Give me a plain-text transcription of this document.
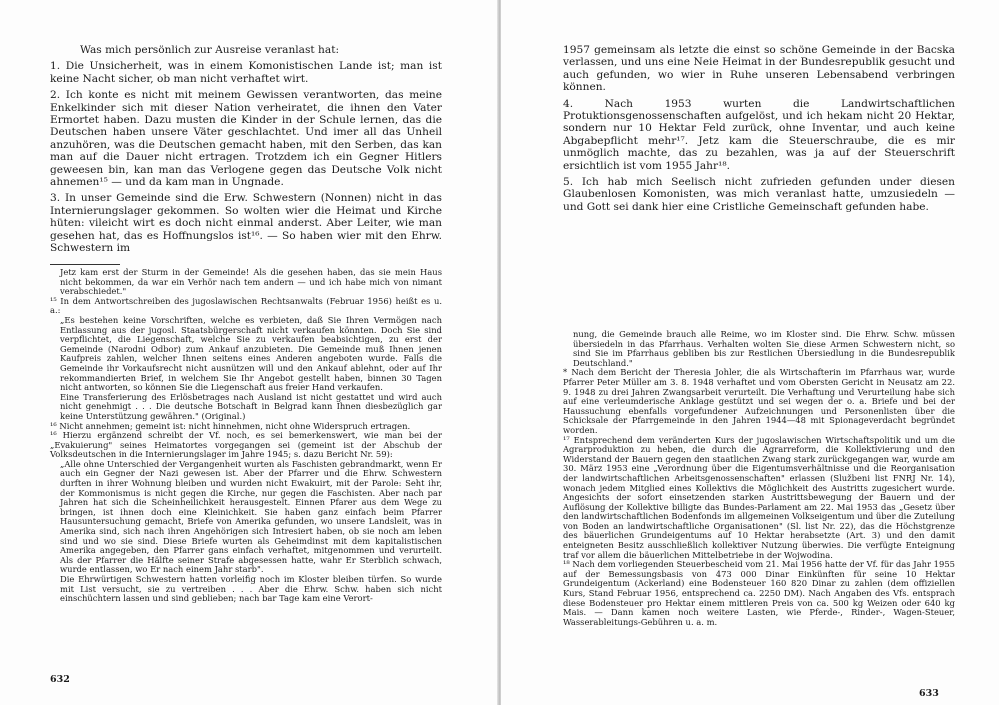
Was mich persönlich zur Ausreise veranlast hat:

1. Die Unsicherheit, was in einem Komonistischen Lande ist; man ist keine Nacht sicher, ob man nicht verhaftet wirt.

2. Ich konte es nicht mit meinem Gewissen verantworten, das meine Enkelkinder sich mit dieser Nation verheiratet, die ihnen den Vater Ermortet haben. Dazu musten die Kinder in der Schule lernen, das die Deutschen haben unsere Väter geschlachtet. Und imer all das Unheil anzuhören, was die Deutschen gemacht haben, mit den Serben, das kan man auf die Dauer nicht ertragen. Trotzdem ich ein Gegner Hitlers geweesen bin, kan man das Verlogene gegen das Deutsche Volk nicht ahnemen¹⁵ — und da kam man in Ungnade.

3. In unser Gemeinde sind die Erw. Schwestern (Nonnen) nicht in das Internierungslager gekommen. So wolten wier die Heimat und Kirche hüten: vileicht wirt es doch nicht einmal anderst. Aber Leiter, wie man gesehen hat, das es Hoffnungslos ist¹⁶. — So haben wier mit den Ehrw. Schwestern im

Jetz kam erst der Sturm in der Gemeinde! Als die gesehen haben, das sie mein Haus nicht bekommen, da war ein Verhör nach tem andern — und ich habe mich von nimant verabschiedet."

¹⁵ In dem Antwortschreiben des jugoslawischen Rechtsanwalts (Februar 1956) heißt es u. a.:

„Es bestehen keine Vorschriften, welche es verbieten, daß Sie Ihren Vermögen nach Entlassung aus der jugosl. Staatsbürgerschaft nicht verkaufen könnten. Doch Sie sind verpflichtet, die Liegenschaft, welche Sie zu verkaufen beabsichtigen, zu erst der Gemeinde (Narodni Odbor) zum Ankauf anzubieten. Die Gemeinde muß Ihnen jenen Kaufpreis zahlen, welcher Ihnen seitens eines Anderen angeboten wurde. Falls die Gemeinde ihr Vorkaufsrecht nicht ausnützen will und den Ankauf ablehnt, oder auf Ihr rekommandierten Brief, in welchem Sie Ihr Angebot gestellt haben, binnen 30 Tagen nicht antworten, so können Sie die Liegenschaft aus freier Hand verkaufen.

Eine Transferierung des Erlösbetrages nach Ausland ist nicht gestattet und wird auch nicht genehmigt . . . Die deutsche Botschaft in Belgrad kann Ihnen diesbezüglich gar keine Unterstützung gewähren." (Original.)

¹⁶ Nicht annehmen; gemeint ist: nicht hinnehmen, nicht ohne Widerspruch ertragen.

¹⁶ Hierzu ergänzend schreibt der Vf. noch, es sei bemerkenswert, wie man bei der „Evakuierung" seines Heimatortes vorgegangen sei (gemeint ist der Abschub der Volksdeutschen in die Internierungslager im Jahre 1945; s. dazu Bericht Nr. 59):

„Alle ohne Unterschied der Vergangenheit wurten als Faschisten gebrandmarkt, wenn Er auch ein Gegner der Nazi gewesen ist. Aber der Pfarrer und die Ehrw. Schwestern durften in ihrer Wohnung bleiben und wurden nicht Ewakuirt, mit der Parole: Seht ihr, der Kommonismus is nicht gegen die Kirche, nur gegen die Faschisten. Aber nach par Jahren hat sich die Scheinheilichkeit herausgestelt. Einnen Pfarer aus dem Wege zu bringen, ist ihnen doch eine Kleinichkeit. Sie haben ganz einfach beim Pfarrer Hausuntersuchung gemacht, Briefe von Amerika gefunden, wo unsere Landsleit, was in Amerika sind, sich nach ihren Angehörigen sich Intresiert haben, ob sie noch am leben sind und wo sie sind. Diese Briefe wurten als Geheimdinst mit dem kapitalistischen Amerika angegeben, den Pfarrer gans einfach verhaftet, mitgenommen und verurteilt. Als der Pfarrer die Hälfte seiner Strafe abgesessen hatte, wahr Er Sterblich schwach, wurde entlassen, wo Er nach einem Jahr starb".

Die Ehrwürtigen Schwestern hatten vorleifig noch im Kloster bleiben türfen. So wurde mit List versucht, sie zu vertreiben . . . Aber die Ehrw. Schw. haben sich nicht einschüchtern lassen und sind geblieben; nach bar Tage kam eine Verort-

632

1957 gemeinsam als letzte die einst so schöne Gemeinde in der Bacska verlassen, und uns eine Neie Heimat in der Bundesrepublik gesucht und auch gefunden, wo wier in Ruhe unseren Lebensabend verbringen können.

4. Nach 1953 wurten die Landwirtschaftlichen Protuktionsgenossenschaften aufgelöst, und ich hekam nicht 20 Hektar, sondern nur 10 Hektar Feld zurück, ohne Inventar, und auch keine Abgabepflicht mehr¹⁷. Jetz kam die Steuerschraube, die es mir unmöglich machte, das zu bezahlen, was ja auf der Steuerschrift ersichtlich ist vom 1955 Jahr¹⁸.

5. Ich hab mich Seelisch nicht zufrieden gefunden under diesen Glaubenlosen Komonisten, was mich veranlast hatte, umzusiedeln — und Gott sei dank hier eine Cristliche Gemeinschaft gefunden habe.

nung, die Gemeinde brauch alle Reime, wo im Kloster sind. Die Ehrw. Schw. müssen übersiedeln in das Pfarrhaus. Verhalten wolten Sie diese Armen Schwestern nicht, so sind Sie im Pfarrhaus gebliben bis zur Restlichen Übersiedlung in die Bundesrepublik Deutschland."

* Nach dem Bericht der Theresia Johler, die als Wirtschafterin im Pfarrhaus war, wurde Pfarrer Peter Müller am 3. 8. 1948 verhaftet und vom Obersten Gericht in Neusatz am 22. 9. 1948 zu drei Jahren Zwangsarbeit verurteilt. Die Verhaftung und Verurteilung habe sich auf eine verleumderische Anklage gestützt und sei wegen der o. a. Briefe und bei der Haussuchung ebenfalls vorgefundener Aufzeichnungen und Personenlisten über die Schicksale der Pfarrgemeinde in den Jahren 1944—48 mit Spionageverdacht begründet worden.

¹⁷ Entsprechend dem veränderten Kurs der jugoslawischen Wirtschaftspolitik und um die Agrarproduktion zu heben, die durch die Agrarreform, die Kollektivierung und den Widerstand der Bauern gegen den staatlichen Zwang stark zurückgegangen war, wurde am 30. März 1953 eine „Verordnung über die Eigentumsverhältnisse und die Reorganisation der landwirtschaftlichen Arbeitsgenossenschaften" erlassen (Službeni list FNRJ Nr. 14), wonach jedem Mitglied eines Kollektivs die Möglichkeit des Austritts zugesichert wurde. Angesichts der sofort einsetzenden starken Austrittsbewegung der Bauern und der Auflösung der Kollektive billigte das Bundes-Parlament am 22. Mai 1953 das „Gesetz über den landwirtschaftlichen Bodenfonds im allgemeinen Volkseigentum und über die Zuteilung von Boden an landwirtschaftliche Organisationen" (Sl. list Nr. 22), das die Höchstgrenze des bäuerlichen Grundeigentums auf 10 Hektar herabsetzte (Art. 3) und den damit enteigneten Besitz ausschließlich kollektiver Nutzung überwies. Die verfügte Enteignung traf vor allem die bäuerlichen Mittelbetriebe in der Wojwodina.

¹⁸ Nach dem vorliegenden Steuerbescheid vom 21. Mai 1956 hatte der Vf. für das Jahr 1955 auf der Bemessungsbasis von 473 000 Dinar Einkünften für seine 10 Hektar Grundeigentum (Ackerland) eine Bodensteuer 160 820 Dinar zu zahlen (dem offiziellen Kurs, Stand Februar 1956, entsprechend ca. 2250 DM). Nach Angaben des Vfs. entsprach diese Bodensteuer pro Hektar einem mittleren Preis von ca. 500 kg Weizen oder 640 kg Mais. — Dann kamen noch weitere Lasten, wie Pferde-, Rinder-, Wagen-Steuer, Wasserableitungs-Gebühren u. a. m.

633
